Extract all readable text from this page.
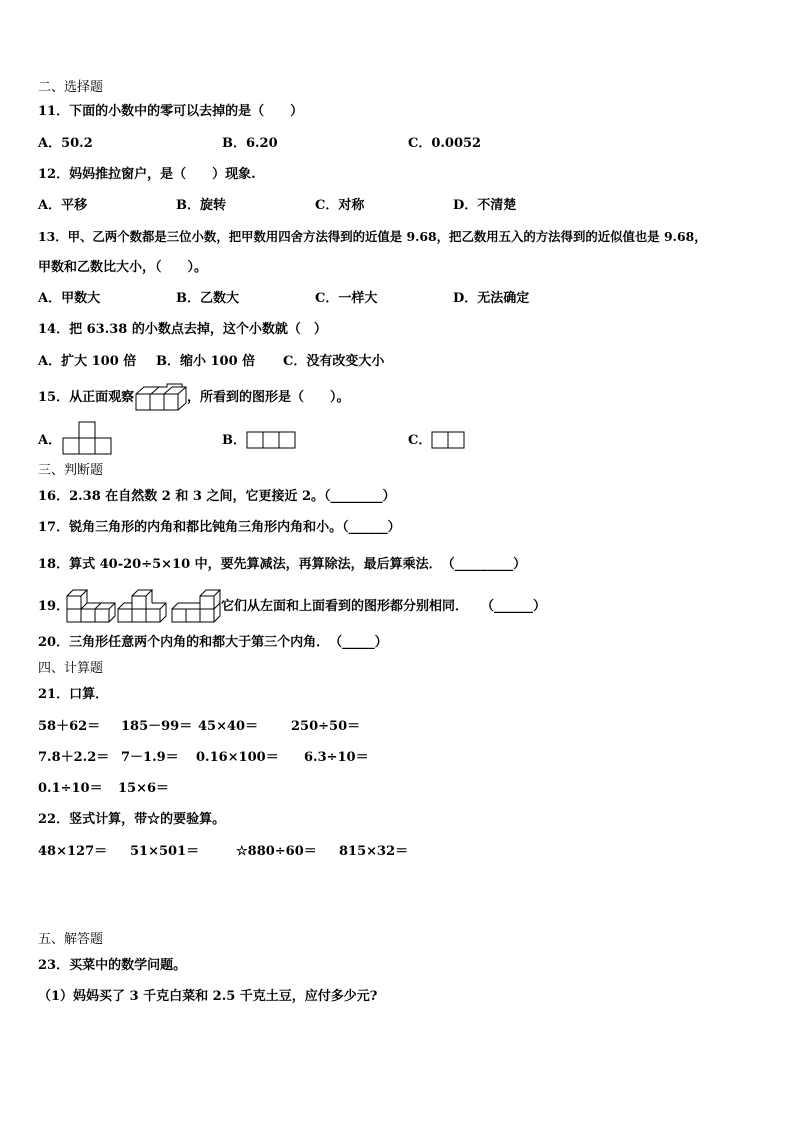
二、选择题
11．下面的小数中的零可以去掉的是（　　）
A．50.2	B．6.20	C．0.0052
12．妈妈推拉窗户，是（　　）现象.
A．平移	B．旋转	C．对称	D．不清楚
13．甲、乙两个数都是三位小数，把甲数用四舍方法得到的近值是 9.68，把乙数用五入的方法得到的近似值也是 9.68，
甲数和乙数比大小，（　　）。
A．甲数大	B．乙数大	C．一样大	D．无法确定
14．把 63.38 的小数点去掉，这个小数就（　）
A．扩大 100 倍 B．缩小 100 倍 C．没有改变大小
15．从正面观察	，所看到的图形是（　　）。
A．	B．	C．
三、判断题
16．2.38 在自然数 2 和 3 之间，它更接近 2。（________）
17．锐角三角形的内角和都比钝角三角形内角和小。（______）
18．算式 40-20÷5×10 中，要先算减法，再算除法，最后算乘法．　（_________）
19．	它们从左面和上面看到的图形都分别相同．　　（______）
20．三角形任意两个内角的和都大于第三个内角．　（_____）
四、计算题
21．口算．
58＋62＝ 185－99＝ 45×40＝	250÷50＝
7.8＋2.2＝ 7－1.9＝ 0.16×100＝ 6.3÷10＝
0.1÷10＝ 15×6＝
22．竖式计算，带☆的要验算。
48×127＝ 51×501＝	☆880÷60＝ 815×32＝
五、解答题
23．买菜中的数学问题。
（1）妈妈买了 3 千克白菜和 2.5 千克土豆，应付多少元?
